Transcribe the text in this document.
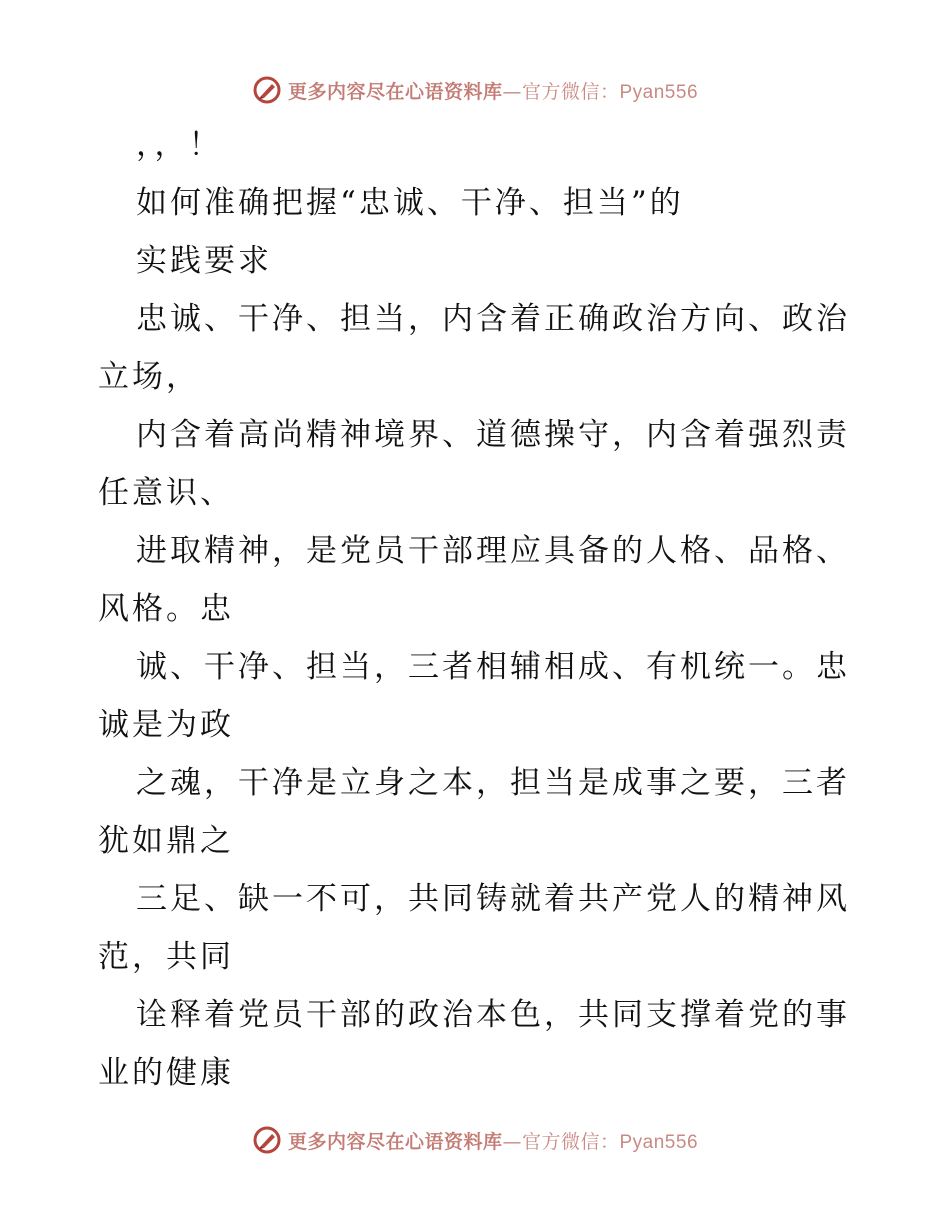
更多内容尽在心语资料库—官方微信：Pyan556
，，！
如何准确把握“忠诚、干净、担当”的
实践要求
忠诚、干净、担当，内含着正确政治方向、政治
立场，
内含着高尚精神境界、道德操守，内含着强烈责
任意识、
进取精神，是党员干部理应具备的人格、品格、
风格。忠
诚、干净、担当，三者相辅相成、有机统一。忠
诚是为政
之魂，干净是立身之本，担当是成事之要，三者
犹如鼎之
三足、缺一不可，共同铸就着共产党人的精神风
范，共同
诠释着党员干部的政治本色，共同支撑着党的事
业的健康
更多内容尽在心语资料库—官方微信：Pyan556
